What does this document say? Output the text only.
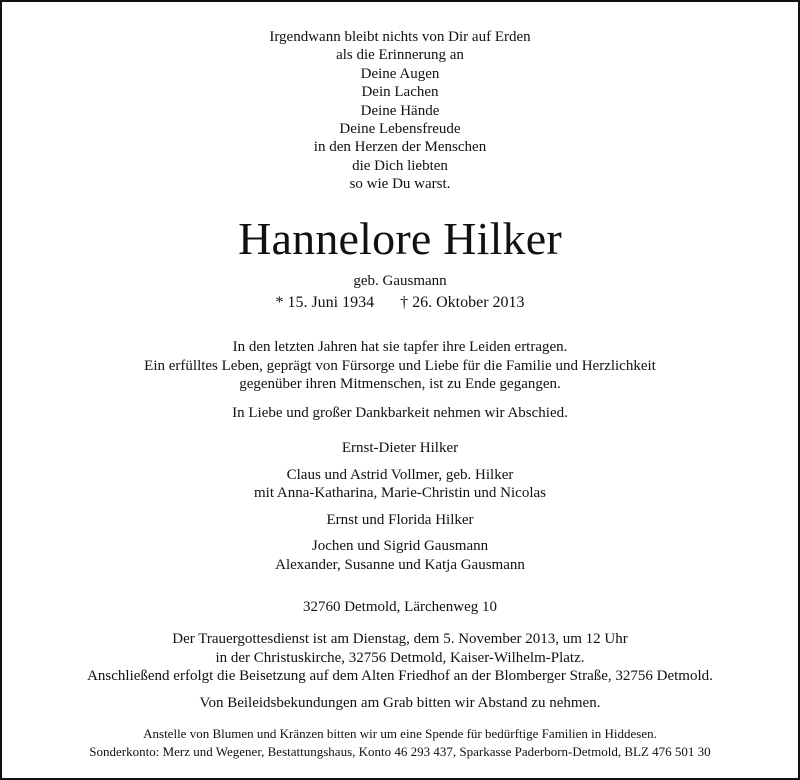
Irgendwann bleibt nichts von Dir auf Erden
als die Erinnerung an
Deine Augen
Dein Lachen
Deine Hände
Deine Lebensfreude
in den Herzen der Menschen
die Dich liebten
so wie Du warst.
Hannelore Hilker
geb. Gausmann
* 15. Juni 1934 † 26. Oktober 2013
In den letzten Jahren hat sie tapfer ihre Leiden ertragen.
Ein erfülltes Leben, geprägt von Fürsorge und Liebe für die Familie und Herzlichkeit
gegenüber ihren Mitmenschen, ist zu Ende gegangen.
In Liebe und großer Dankbarkeit nehmen wir Abschied.
Ernst-Dieter Hilker
Claus und Astrid Vollmer, geb. Hilker
mit Anna-Katharina, Marie-Christin und Nicolas
Ernst und Florida Hilker
Jochen und Sigrid Gausmann
Alexander, Susanne und Katja Gausmann
32760 Detmold, Lärchenweg 10
Der Trauergottesdienst ist am Dienstag, dem 5. November 2013, um 12 Uhr
in der Christuskirche, 32756 Detmold, Kaiser-Wilhelm-Platz.
Anschließend erfolgt die Beisetzung auf dem Alten Friedhof an der Blomberger Straße, 32756 Detmold.
Von Beileidsbekundungen am Grab bitten wir Abstand zu nehmen.
Anstelle von Blumen und Kränzen bitten wir um eine Spende für bedürftige Familien in Hiddesen.
Sonderkonto: Merz und Wegener, Bestattungshaus, Konto 46 293 437, Sparkasse Paderborn-Detmold, BLZ 476 501 30
